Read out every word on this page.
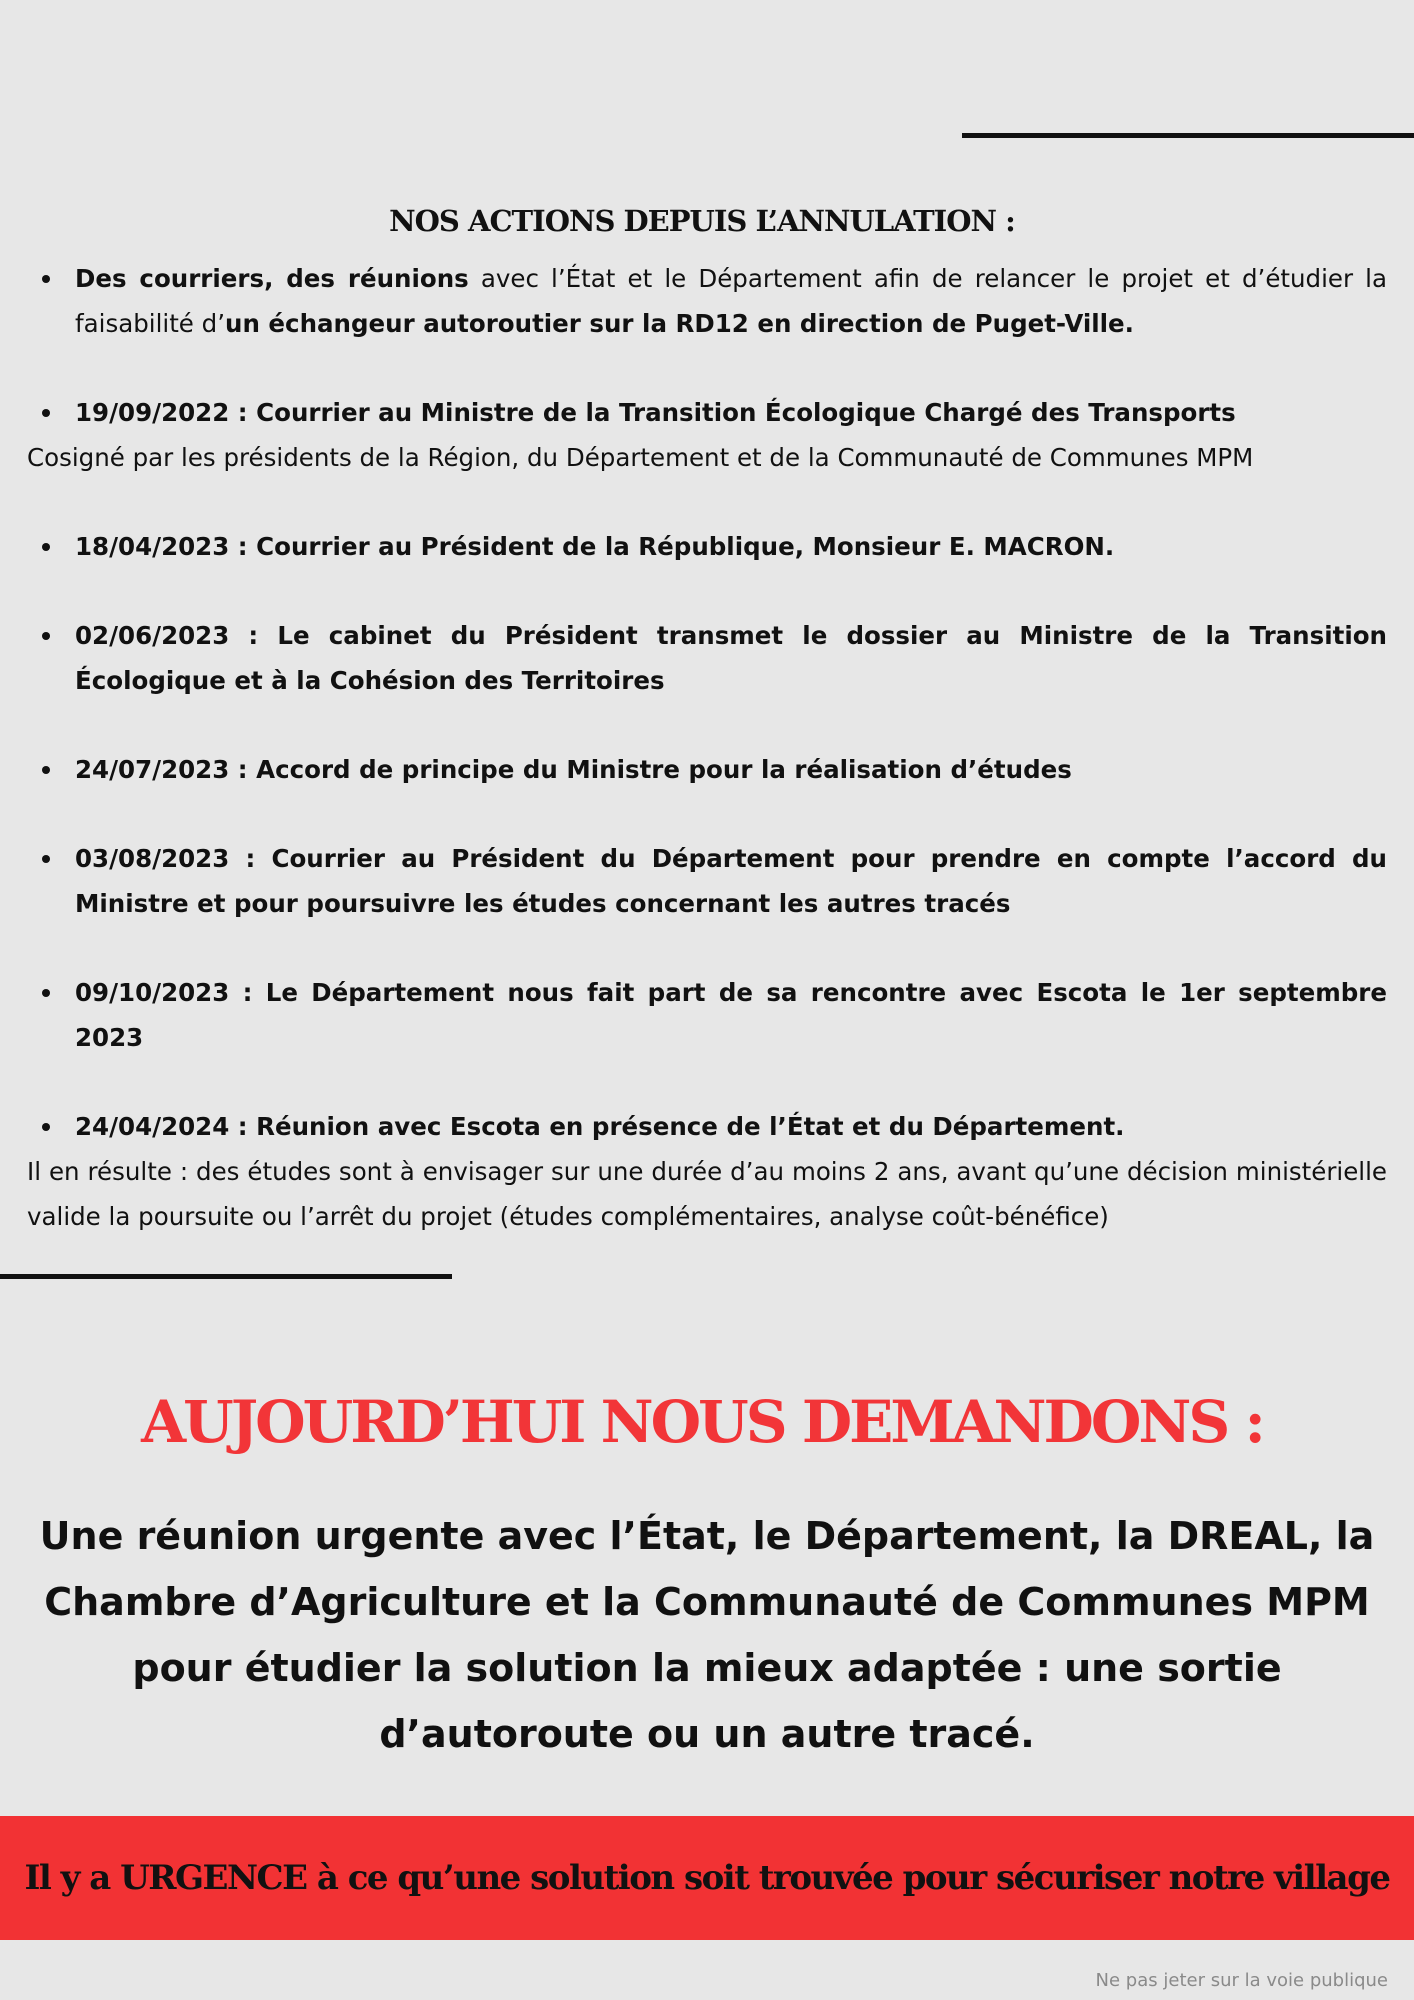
NOS ACTIONS DEPUIS L’ANNULATION :
Des courriers, des réunions avec l’État et le Département afin de relancer le projet et d’étudier la faisabilité d’un échangeur autoroutier sur la RD12 en direction de Puget-Ville.
19/09/2022 : Courrier au Ministre de la Transition Écologique Chargé des Transports

Cosigné par les présidents de la Région, du Département et de la Communauté de Communes MPM

18/04/2023 : Courrier au Président de la République, Monsieur E. MACRON.
02/06/2023 : Le cabinet du Président transmet le dossier au Ministre de la Transition Écologique et à la Cohésion des Territoires
24/07/2023 : Accord de principe du Ministre pour la réalisation d’études
03/08/2023 : Courrier au Président du Département pour prendre en compte l’accord du Ministre et pour poursuivre les études concernant les autres tracés
09/10/2023 : Le Département nous fait part de sa rencontre avec Escota le 1er septembre 2023
24/04/2024 : Réunion avec Escota en présence de l’État et du Département.

Il en résulte : des études sont à envisager sur une durée d’au moins 2 ans, avant qu’une décision ministérielle valide la poursuite ou l’arrêt du projet (études complémentaires, analyse coût-bénéfice)

AUJOURD’HUI NOUS DEMANDONS :

Une réunion urgente avec l’État, le Département, la DREAL, la Chambre d’Agriculture et la Communauté de Communes MPM pour étudier la solution la mieux adaptée : une sortie d’autoroute ou un autre tracé.

Il y a URGENCE à ce qu’une solution soit trouvée pour sécuriser notre village
Ne pas jeter sur la voie publique
